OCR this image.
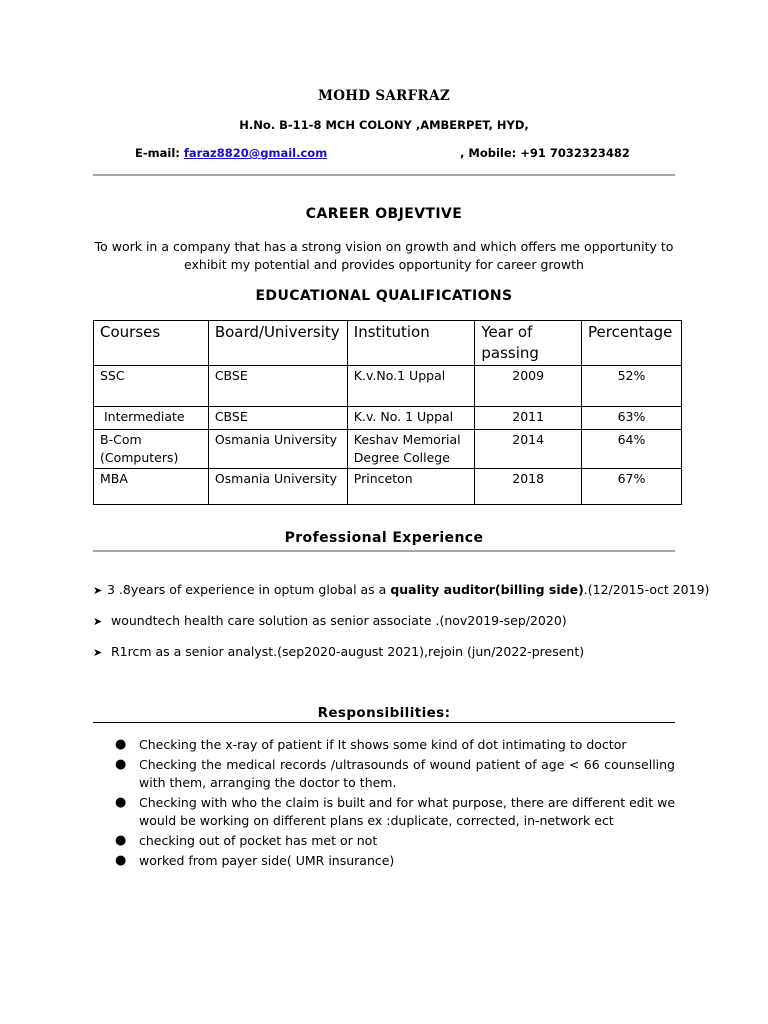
MOHD SARFRAZ
H.No. B-11-8 MCH COLONY ,AMBERPET, HYD,
E-mail: faraz8820@gmail.com	, Mobile: +91 7032323482
CAREER OBJEVTIVE
To work in a company that has a strong vision on growth and which offers me opportunity to exhibit my potential and provides opportunity for career growth
EDUCATIONAL QUALIFICATIONS
Courses	Board/University	Institution	Year of passing	Percentage
SSC	CBSE	K.v.No.1 Uppal	2009	52%
Intermediate	CBSE	K.v. No. 1 Uppal	2011	63%
B-Com (Computers)	Osmania University	Keshav Memorial Degree College	2014	64%
MBA	Osmania University	Princeton	2018	67%
Professional Experience
➤ 3 .8years of experience in optum global as a quality auditor(billing side).(12/2015-oct 2019)
➤ woundtech health care solution as senior associate .(nov2019-sep/2020)
➤ R1rcm as a senior analyst.(sep2020-august 2021),rejoin (jun/2022-present)
Responsibilities:
● Checking the x-ray of patient if It shows some kind of dot intimating to doctor
● Checking the medical records /ultrasounds of wound patient of age < 66 counselling with them, arranging the doctor to them.
● Checking with who the claim is built and for what purpose, there are different edit we would be working on different plans ex :duplicate, corrected, in-network ect
● checking out of pocket has met or not
● worked from payer side( UMR insurance)
